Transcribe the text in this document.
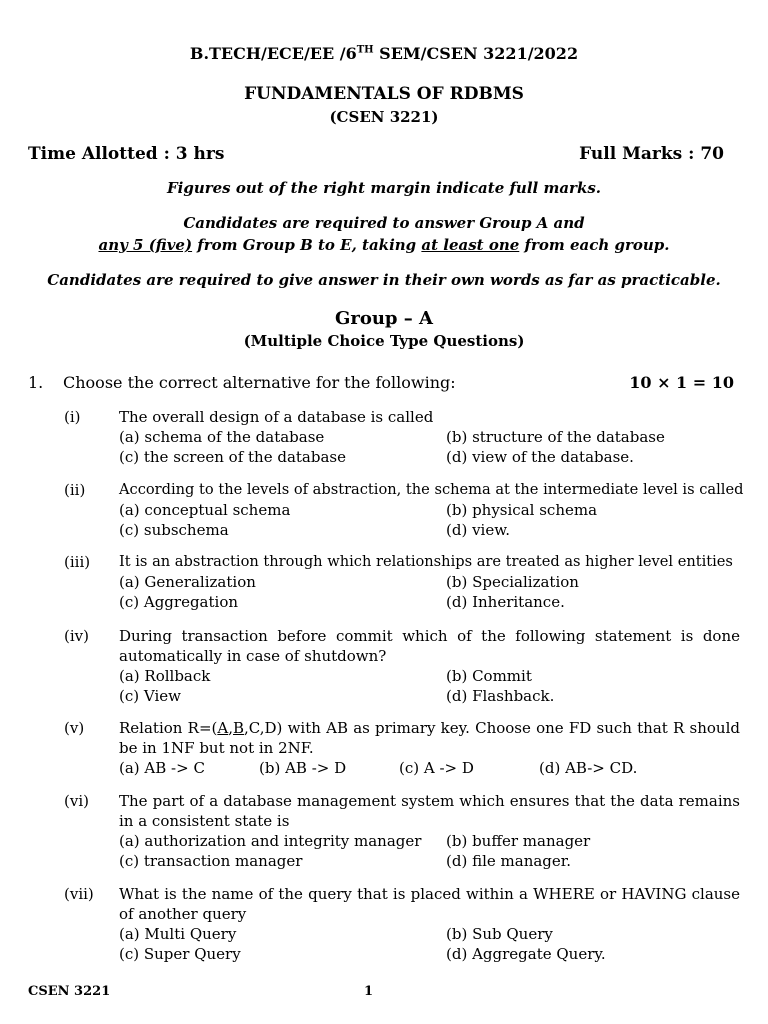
B.TECH/ECE/EE /6TH SEM/CSEN 3221/2022
FUNDAMENTALS OF RDBMS
(CSEN 3221)
Time Allotted : 3 hrs	Full Marks : 70
Figures out of the right margin indicate full marks.
Candidates are required to answer Group A and
any 5 (five) from Group B to E, taking at least one from each group.
Candidates are required to give answer in their own words as far as practicable.
Group – A
(Multiple Choice Type Questions)
1. Choose the correct alternative for the following:	10 × 1 = 10
(i)	The overall design of a database is called
(a) schema of the database	(b) structure of the database
(c) the screen of the database	(d) view of the database.
(ii) According to the levels of abstraction, the schema at the intermediate level is called
(a) conceptual schema	(b) physical schema
(c) subschema	(d) view.
(iii) It is an abstraction through which relationships are treated as higher level entities
(a) Generalization	(b) Specialization
(c) Aggregation	(d) Inheritance.
(iv) During transaction before commit which of the following statement is done automatically in case of shutdown?
(a) Rollback	(b) Commit
(c) View	(d) Flashback.
(v) Relation R=(A,B,C,D) with AB as primary key. Choose one FD such that R should be in 1NF but not in 2NF.
(a) AB -> C	(b) AB -> D	(c) A -> D	(d) AB-> CD.
(vi) The part of a database management system which ensures that the data remains in a consistent state is
(a) authorization and integrity manager (b) buffer manager
(c) transaction manager	(d) file manager.
(vii) What is the name of the query that is placed within a WHERE or HAVING clause of another query
(a) Multi Query	(b) Sub Query
(c) Super Query	(d) Aggregate Query.
CSEN 3221	1
